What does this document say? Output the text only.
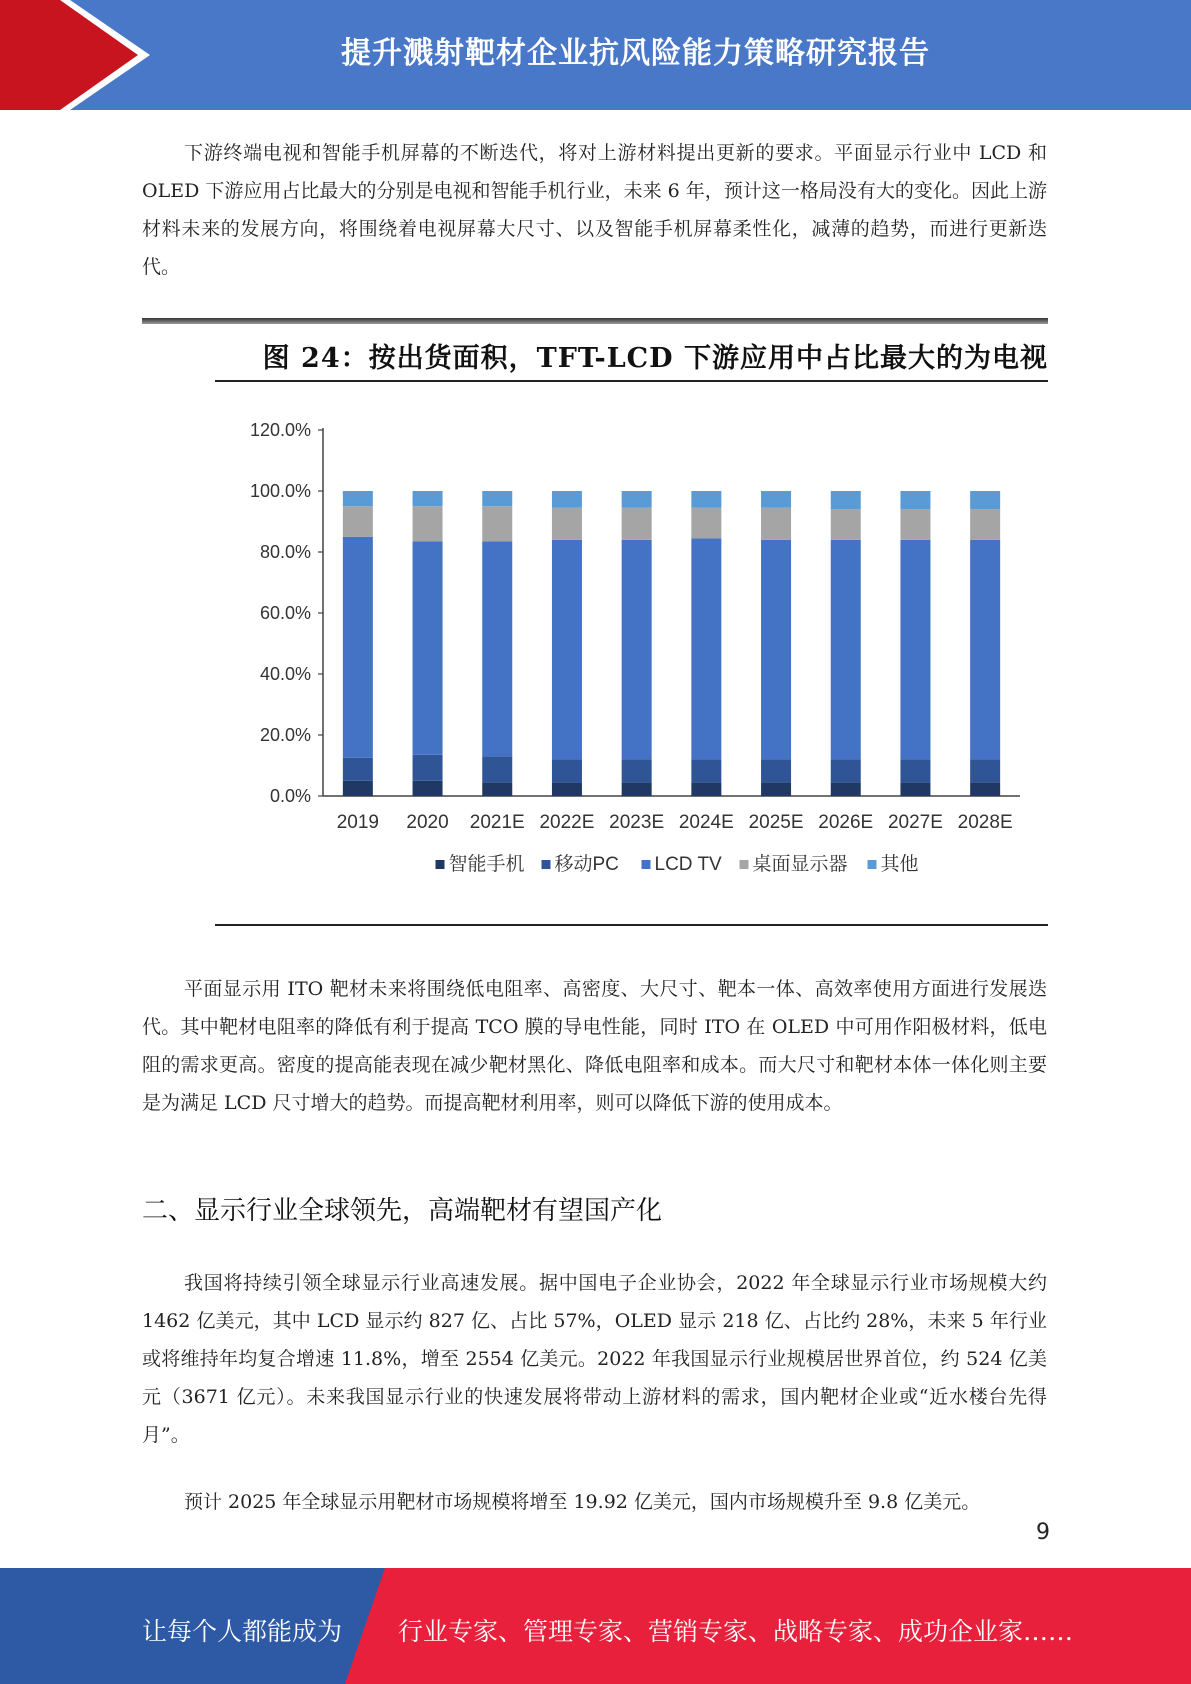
提升溅射靶材企业抗风险能力策略研究报告

下游终端电视和智能手机屏幕的不断迭代，将对上游材料提出更新的要求。平面显示行业中 LCD 和 OLED 下游应用占比最大的分别是电视和智能手机行业，未来 6 年，预计这一格局没有大的变化。因此上游材料未来的发展方向，将围绕着电视屏幕大尺寸、以及智能手机屏幕柔性化，减薄的趋势，而进行更新迭代。

图 24：按出货面积，TFT-LCD 下游应用中占比最大的为电视
0.0%
20.0%
40.0%
60.0%
80.0%
100.0%
120.0%
2019 2020 2021E 2022E 2023E 2024E 2025E 2026E 2027E 2028E
智能手机 移动PC LCD TV 桌面显示器 其他

平面显示用 ITO 靶材未来将围绕低电阻率、高密度、大尺寸、靶本一体、高效率使用方面进行发展迭代。其中靶材电阻率的降低有利于提高 TCO 膜的导电性能，同时 ITO 在 OLED 中可用作阳极材料，低电阻的需求更高。密度的提高能表现在减少靶材黑化、降低电阻率和成本。而大尺寸和靶材本体一体化则主要是为满足 LCD 尺寸增大的趋势。而提高靶材利用率，则可以降低下游的使用成本。

二、显示行业全球领先，高端靶材有望国产化

我国将持续引领全球显示行业高速发展。据中国电子企业协会，2022 年全球显示行业市场规模大约 1462 亿美元，其中 LCD 显示约 827 亿、占比 57%，OLED 显示 218 亿、占比约 28%，未来 5 年行业或将维持年均复合增速 11.8%，增至 2554 亿美元。2022 年我国显示行业规模居世界首位，约 524 亿美元（3671 亿元）。未来我国显示行业的快速发展将带动上游材料的需求，国内靶材企业或“近水楼台先得月”。

预计 2025 年全球显示用靶材市场规模将增至 19.92 亿美元，国内市场规模升至 9.8 亿美元。

9
让每个人都能成为 行业专家、管理专家、营销专家、战略专家、成功企业家……
